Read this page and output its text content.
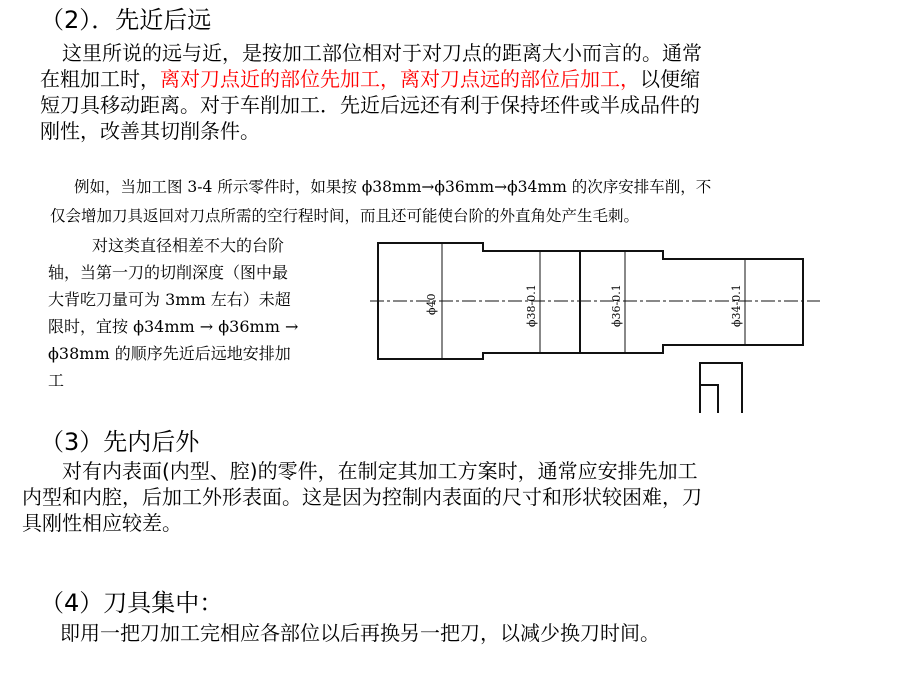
（2）．先近后远
这里所说的远与近，是按加工部位相对于对刀点的距离大小而言的。通常
在粗加工时，离对刀点近的部位先加工，离对刀点远的部位后加工，以便缩
短刀具移动距离。对于车削加工．先近后远还有利于保持坯件或半成品件的
刚性，改善其切削条件。
例如，当加工图 3-4 所示零件时，如果按 ϕ38mm→ϕ36mm→ϕ34mm 的次序安排车削，不
仅会增加刀具返回对刀点所需的空行程时间，而且还可能使台阶的外直角处产生毛刺。
对这类直径相差不大的台阶
轴，当第一刀的切削深度（图中最
大背吃刀量可为 3mm 左右）未超
限时，宜按 ϕ34mm → ϕ36mm →
ϕ38mm 的顺序先近后远地安排加
工
ϕ40	ϕ38-0.1	ϕ36-0.1	ϕ34-0.1
（3）先内后外
对有内表面(内型、腔)的零件，在制定其加工方案时，通常应安排先加工
内型和内腔，后加工外形表面。这是因为控制内表面的尺寸和形状较困难，刀
具刚性相应较差。
（4）刀具集中：
即用一把刀加工完相应各部位以后再换另一把刀，以减少换刀时间。
